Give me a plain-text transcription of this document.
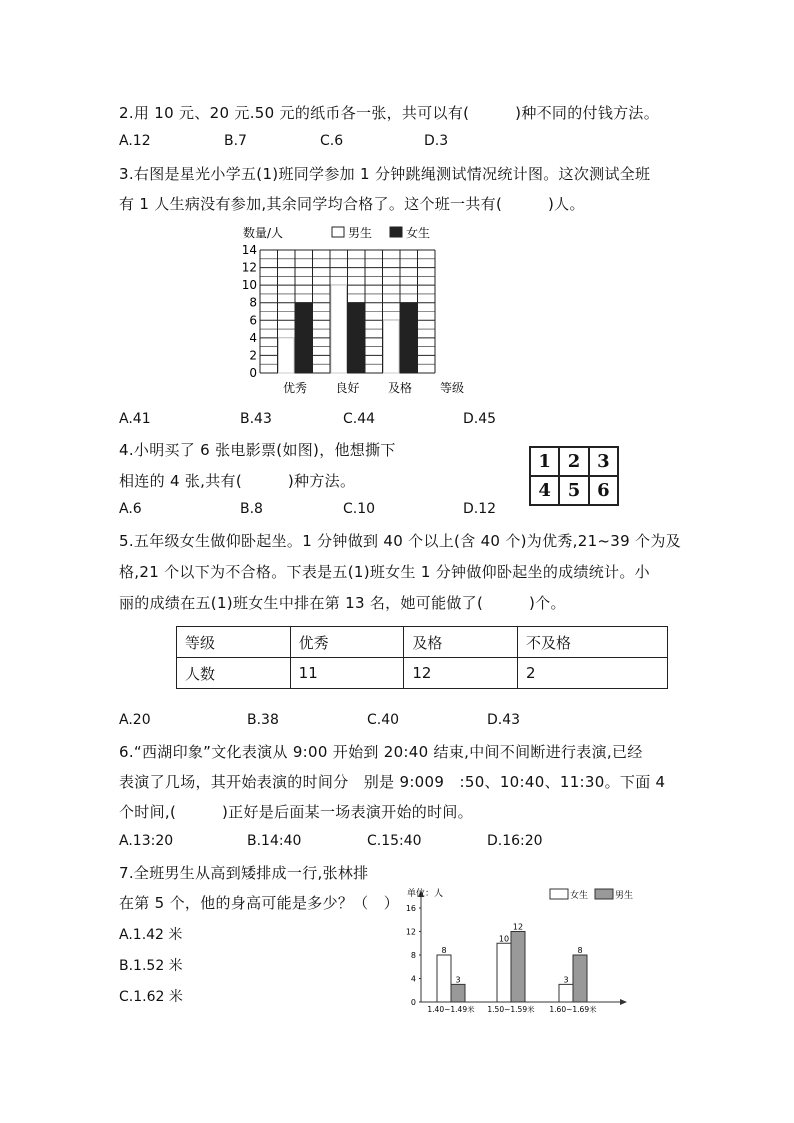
2.用 10 元、20 元.50 元的纸币各一张，共可以有(　　　)种不同的付钱方法。
A.12	B.7	C.6	D.3
3.右图是星光小学五(1)班同学参加 1 分钟跳绳测试情况统计图。这次测试全班
有 1 人生病没有参加,其余同学均合格了。这个班一共有(　　　)人。
0
2
4
6
8
10
12
14
优秀 良好 及格
数量/人	男生	女生
等级
A.41	B.43	C.44	D.45
4.小明买了 6 张电影票(如图)，他想撕下
相连的 4 张,共有(　　　)种方法。
1 2 3
4 5 6
A.6	B.8	C.10	D.12
5.五年级女生做仰卧起坐。1 分钟做到 40 个以上(含 40 个)为优秀,21~39 个为及
格,21 个以下为不合格。下表是五(1)班女生 1 分钟做仰卧起坐的成绩统计。小
丽的成绩在五(1)班女生中排在第 13 名，她可能做了(　　　)个。
等级	优秀	及格	不及格
人数	11	12	2
A.20	B.38	C.40	D.43
6.“西湖印象”文化表演从 9:00 开始到 20:40 结束,中间不间断进行表演,已经
表演了几场，其开始表演的时间分　别是 9:009　:50、10:40、11:30。下面 4
个时间,(　　　)正好是后面某一场表演开始的时间。
A.13:20	B.14:40	C.15:40	D.16:20
7.全班男生从高到矮排成一行,张林排
在第 5 个，他的身高可能是多少？（　）
A.1.42 米
B.1.52 米
C.1.62 米
8
3
10
12
3
8
0
4
8
12
16
1.40~1.49米 1.50~1.59米 1.60~1.69米
单位：人	女生	男生
